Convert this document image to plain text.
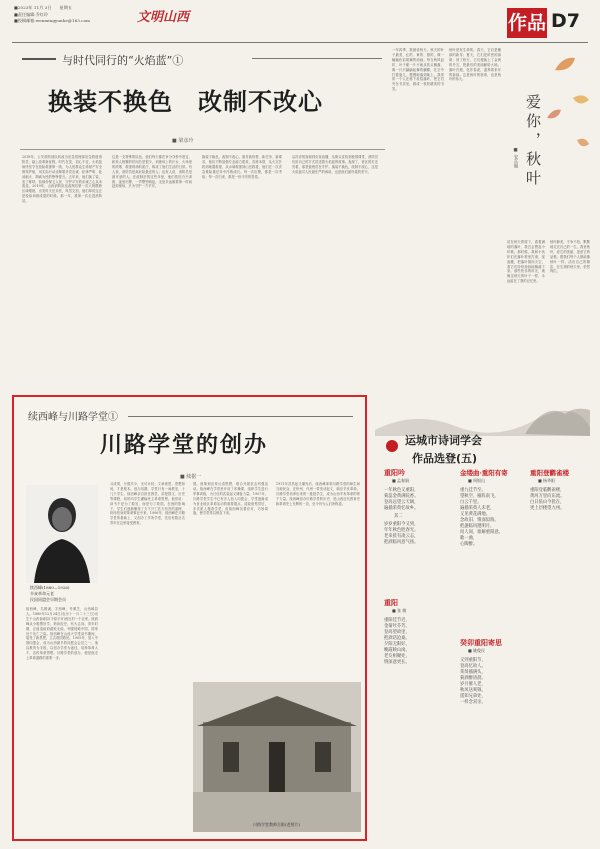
■2023年 11月 3日　　星期五
■责任编辑:乔红玲
■投稿邮箱:wenmingyunhe@163.com	文明山西	作品 D7
与时代同行的“火焰蓝”①
换装不换色　改制不改心
■ 梁彦玲
2018年，公安消防部队转改为应急管理部应急救援消防员，踏上改革新征程。时代在变，初心不变，火焰蓝始终坚守在抢险救援第一线，为人民群众生命财产安全保驾护航，用实际行动诠释着对党忠诚、纪律严明、赴汤蹈火、竭诚为民的铮铮誓言。五年来，他们换了装，变了称呼，但那份保卫人民、守护平安的赤诚之心从未改变。2019年，山西消防队伍改制后第一次大规模跨区域增援，出发时天还未亮，风雪交加，他们却说这正是检验训练成果的时候。那一年，我第一次走进消防站。
这是一支特殊的队伍，他们每天都在争分夺秒中度过，和家人相聚的时间总是很少，训练场上的汗水、火场里的浓烟、救援现场的泥泞，构成了他们生活的日常。有人说，消防员是离危险最近的人；也有人说，消防员是最可爱的人。在改制后的这些年里，他们依旧白天训练、夜里出警，一声警铃响起，无论多远都要第一时间赶到现场，只为守护一方平安。
换装不换色，改制不改心。面对新形势、新任务、新要求，他们不断加强专业能力建设，苦练本领，从火灾扑救到地震救援，从水域救援到山岳救援，他们在一次次急难险重任务中淬炼成长。每一次出警，都是一次考验；每一次归来，都是一份平安的答卷。
从抖音短视频到央视直播，从街头宣传到校园课堂，消防员们用自己的方式讲述着火焰蓝的故事。夜深了，营区的灯还亮着，那是值班员在守护。换装不换色，改制不改心，这是火焰蓝对人民最庄严的承诺，也是他们最朴素的坚守。
一年四季，我最爱秋天。秋天的叶子最美，红的、黄的、橙的，像一幅幅色彩斑斓的油画。每当秋风起时，叶子便一片片地从枝头飘落，像一只只翩翩起舞的蝴蝶，在空中打着旋儿，慢慢地落到地上。我常常一个人在树下捡拾落叶，把它们夹在书页里，做成一枚枚精美的书签。
秋叶是有生命的。春天，它们是嫩绿的新芽；夏天，它们是浓密的绿荫；到了秋天，它们便换上了金黄的外衣，把最后的美丽献给大地。落叶归根，化作春泥，滋养着来年的新绿。这是秋叶的宿命，也是秋叶的伟大。
爱你，秋叶
■ 安东佩
站在秋天的树下，看着满地的落叶，我总会想起小时候。那时候，我和小伙伴们在落叶堆里打滚，捉迷藏，把落叶抛向天空，看它们纷纷扬扬地飘落下来。那些快乐的时光，就像这秋天的叶子一样，永远留在了我的记忆里。
秋叶静美，不争不抢，默默地走完自己的一生。我爱秋叶，爱它的美丽，更爱它的品格。愿我们每个人都能像秋叶一样，活出自己的精彩，在生命的秋天里，依然绚烂。
续西峰与川路学堂①
川路学堂的创办
■ 续据一
续西峰(1880—1926)
辛亥革命元老
民国同盟会早期会员
续西峰，名桐溪，字西峰，号佩芝，山西崞县人。1880年12月24日(农历十一月二十三日)出生于山西省崞县(今原平市)西社村一个农家。续西峰从小聪慧好学，熟读经史，有大志向。青年时期，正值清政府腐败无能，列强侵略中国，国家处于危亡之际。续西峰在山西大学堂读书期间，接受了新思想，立志救国救民。1905年，加入中国同盟会，成为山西最早的同盟会会员之一。他以教育为手段，以创办学堂为途径，培养革命人才，宣传革命思想。川路学堂的创办，便是他走上革命道路的重要一步。
习成绩，分数多少，无可计较；文章意思，思想如何，才是根本。创办初期，学堂只有一间教室，十几个学生。续西峰亲自担任教员，讲授国文、历史等课程，同时向学生灌输民主革命思想。他常说：读书不是为了做官，而是为了救国。在他的影响下，学生们逐渐懂得了天下兴亡匹夫有责的道理，纷纷投身到革命事业中来。1906年，续西峰在川路学堂的基础上，又创办了多所学堂，先后有数百名青年在这里接受教育。
国。他策划宣传反清思想，联合开展抗击列强活动。续西峰在学堂里开设了体操课，组织学生进行军事训练，为日后的武装起义储备力量。1907年，川路学堂学生中已有多人加入同盟会，学堂逐渐成为晋北地区革命活动的重要据点。清政府察觉后，多次派人搜查学堂，但续西峰沉着应对，巧妙周旋，使学堂得以保存下来。
1911年武昌起义爆发后，续西峰率领川路学堂的师生和当地民众，在忻州、代州一带发动起义，响应辛亥革命。川路学堂培养出来的一批批学生，成为山西辛亥革命的骨干力量。续西峰创办川路学堂的历史，是山西近代教育史和革命史上光辉的一页，至今仍为人们所称道。
川路学堂教师合影(老照片)
运城市诗词学会
作品选登(五)
重阳吟
■ 孟春娟
一年秋色又重阳，
菊蕊金黄满院香。
登高远望云天阔，
遍插茱萸忆故乡。
其二
岁岁重阳今又到，
年年秋色胜春光。
老来犹有凌云志，
把酒临风意气扬。
重阳
■ 张 敏
重阳佳节近，
金菊吐芬芳。
登高望故里，
把酒话沧桑。
夕阳无限好，
晚霞映山岗。
老友相聚处，
情深意更长。
金缕曲·重阳有寄
■ 周银山
重九佳节至。
望秋空、雁阵南飞，
白云千里。
遍插茱萸人未老，
又见黄花满地。
念故旧、情深似海。
把盏临风邀明月，
问人间、谁解重阳意。
歌一曲，
心陶醉。
重阳登鹳雀楼
■ 杨华阳
重阳登临鹳雀楼，
黄河万里向东流。
白日依山今犹在，
更上层楼望九州。
癸卯重阳寄思
■ 姚俊民
又到重阳节，
登高忆故人。
茱萸插满头，
菊酒醉清晨。
岁月催人老，
秋风送爽频。
遥知兄弟处，
一样念双亲。
